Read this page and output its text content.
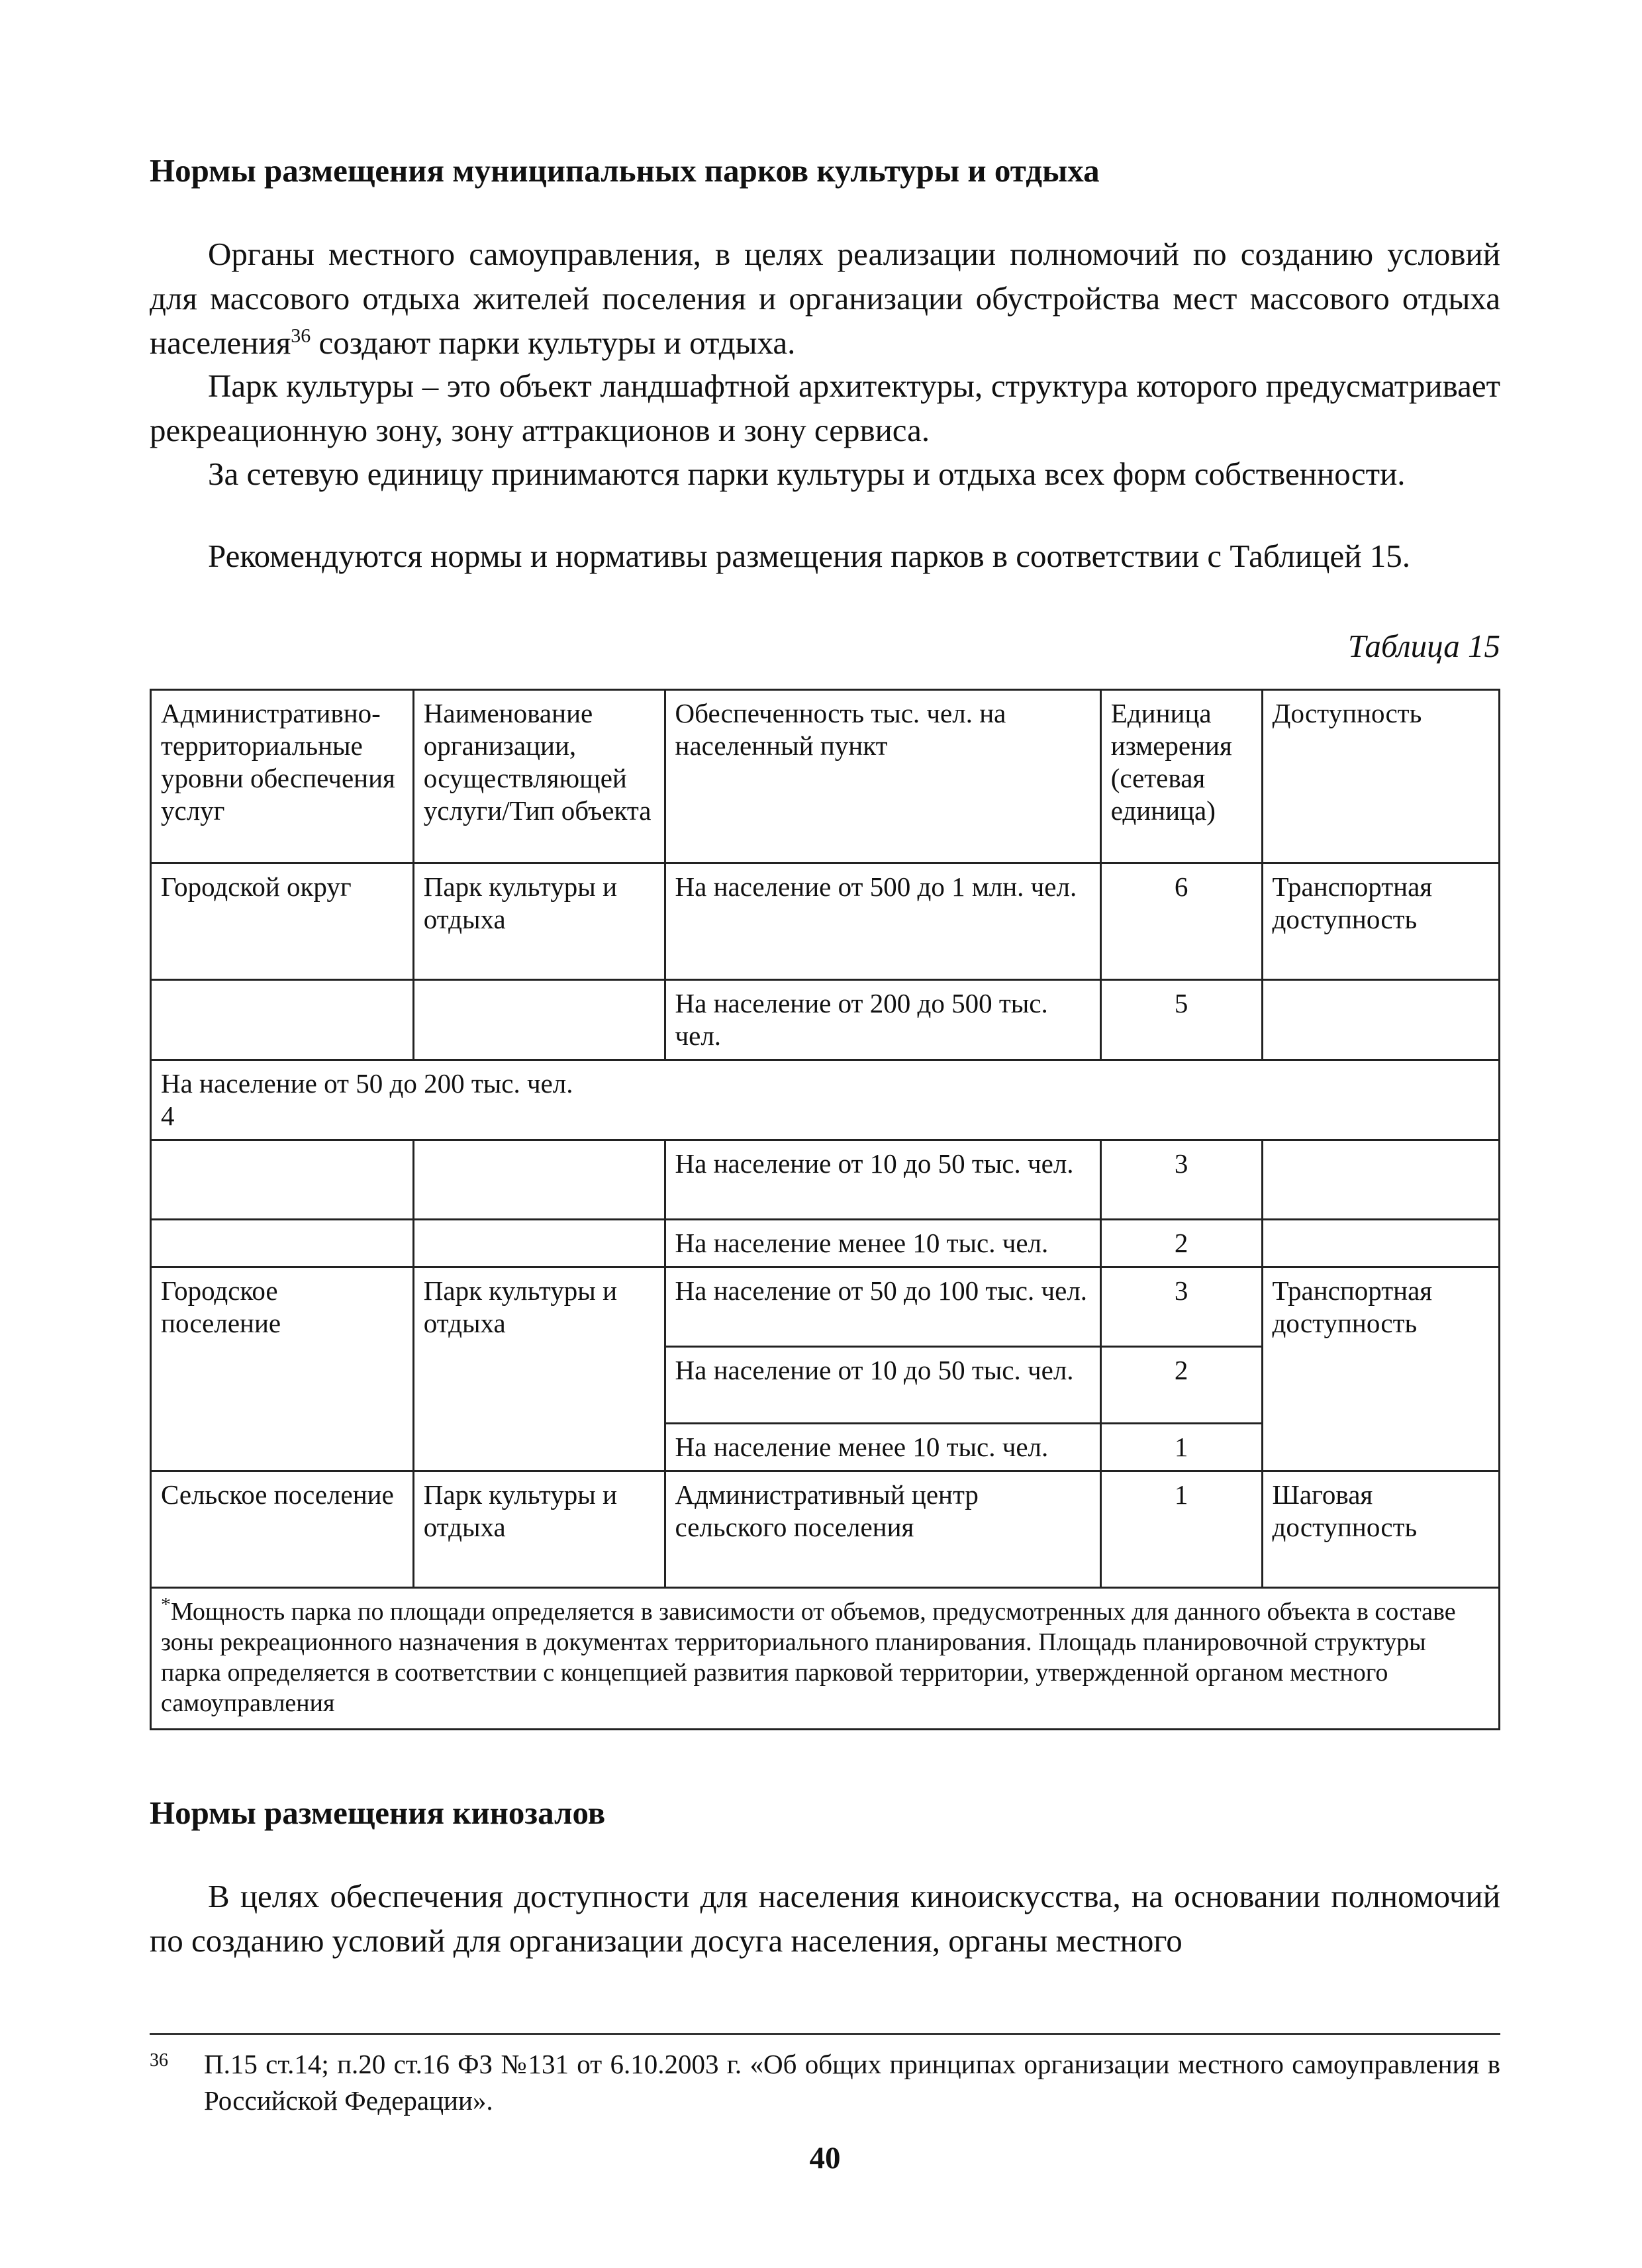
Нормы размещения муниципальных парков культуры и отдыха

Органы местного самоуправления, в целях реализации полномочий по созданию условий для массового отдыха жителей поселения и организации обустройства мест массового отдыха населения$^{36}$ создают парки культуры и отдыха.

Парк культуры – это объект ландшафтной архитектуры, структура которого предусматривает рекреационную зону, зону аттракционов и зону сервиса.

За сетевую единицу принимаются парки культуры и отдыха всех форм собственности.

Рекомендуются нормы и нормативы размещения парков в соответствии с Таблицей 15.

Таблица 15
Административно-территориальные уровни обеспечения услуг	Наименование организации, осуществляющей услуги/Тип объекта	Обеспеченность тыс. чел. на населенный пункт	Единица измерения (сетевая единица)	Доступность
Городской округ	Парк культуры и отдыха	На население от 500 до 1 млн. чел.	6	Транспортная доступность
		На население от 200 до 500 тыс. чел.	5	

На население от 50 до 200 тыс. чел.
4				

		На население от 10 до 50 тыс. чел.	3	
		На население менее 10 тыс. чел.	2	
Городское поселение	Парк культуры и отдыха	На население от 50 до 100 тыс. чел.	3	Транспортная доступность
		На население от 10 до 50 тыс. чел.	2	
		На население менее 10 тыс. чел.	1	
Сельское поселение	Парк культуры и отдыха	Административный центр сельского поселения	1	Шаговая доступность
*Мощность парка по площади определяется в зависимости от объемов, предусмотренных для данного объекта в составе зоны рекреационного назначения в документах территориального планирования. Площадь планировочной структуры парка определяется в соответствии с концепцией развития парковой территории, утвержденной органом местного самоуправления				
Нормы размещения кинозалов

В целях обеспечения доступности для населения киноискусства, на основании полномочий по созданию условий для организации досуга населения, органы местного

36 П.15 ст.14; п.20 ст.16 ФЗ №131 от 6.10.2003 г. «Об общих принципах организации местного самоуправления в Российской Федерации».
40
